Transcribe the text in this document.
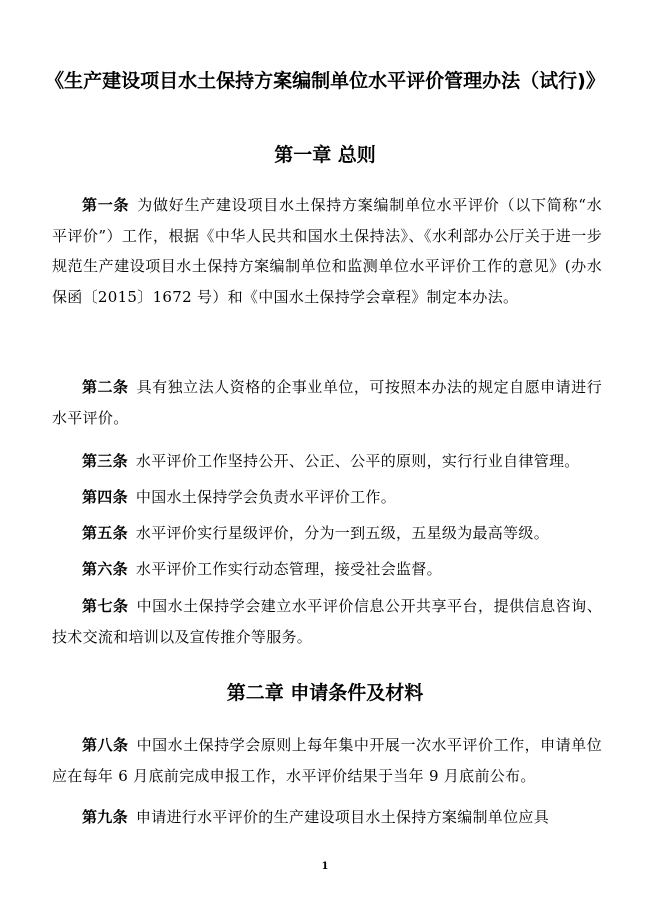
《生产建设项目水土保持方案编制单位水平评价管理办法（试行)》
第一章 总则

第一条 为做好生产建设项目水土保持方案编制单位水平评价（以下简称“水平评价”）工作，根据《中华人民共和国水土保持法》、《水利部办公厅关于进一步规范生产建设项目水土保持方案编制单位和监测单位水平评价工作的意见》(办水保函〔2015〕1672 号）和《中国水土保持学会章程》制定本办法。

第二条 具有独立法人资格的企事业单位，可按照本办法的规定自愿申请进行水平评价。

第三条 水平评价工作坚持公开、公正、公平的原则，实行行业自律管理。

第四条 中国水土保持学会负责水平评价工作。

第五条 水平评价实行星级评价，分为一到五级，五星级为最高等级。

第六条 水平评价工作实行动态管理，接受社会监督。

第七条 中国水土保持学会建立水平评价信息公开共享平台，提供信息咨询、技术交流和培训以及宣传推介等服务。

第二章 申请条件及材料

第八条 中国水土保持学会原则上每年集中开展一次水平评价工作，申请单位应在每年 6 月底前完成申报工作，水平评价结果于当年 9 月底前公布。

第九条 申请进行水平评价的生产建设项目水土保持方案编制单位应具

1
